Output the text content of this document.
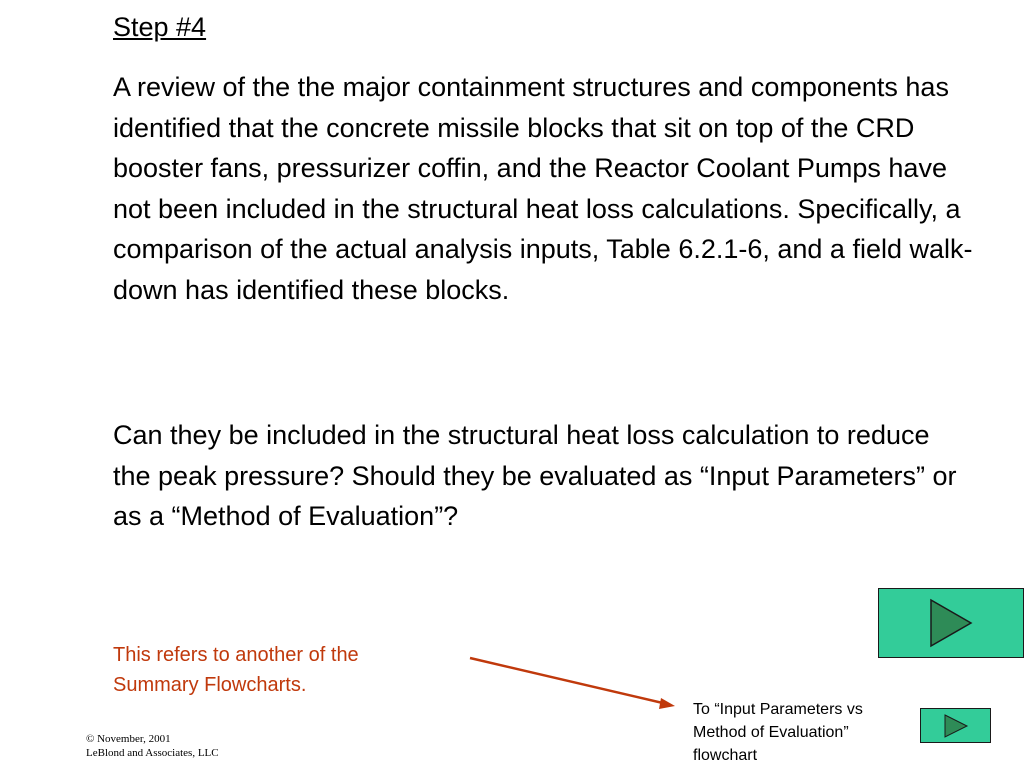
Step #4

A review of the the major containment structures and components has identified that the concrete missile blocks that sit on top of the CRD booster fans, pressurizer coffin, and the Reactor Coolant Pumps have not been included in the structural heat loss calculations. Specifically, a comparison of the actual analysis inputs, Table 6.2.1-6, and a field walk-down has identified these blocks.

Can they be included in the structural heat loss calculation to reduce the peak pressure? Should they be evaluated as “Input Parameters” or as a “Method of Evaluation”?

This refers to another of the
Summary Flowcharts.
To “Input Parameters vs
Method of Evaluation”
flowchart
© November, 2001
LeBlond and Associates, LLC
